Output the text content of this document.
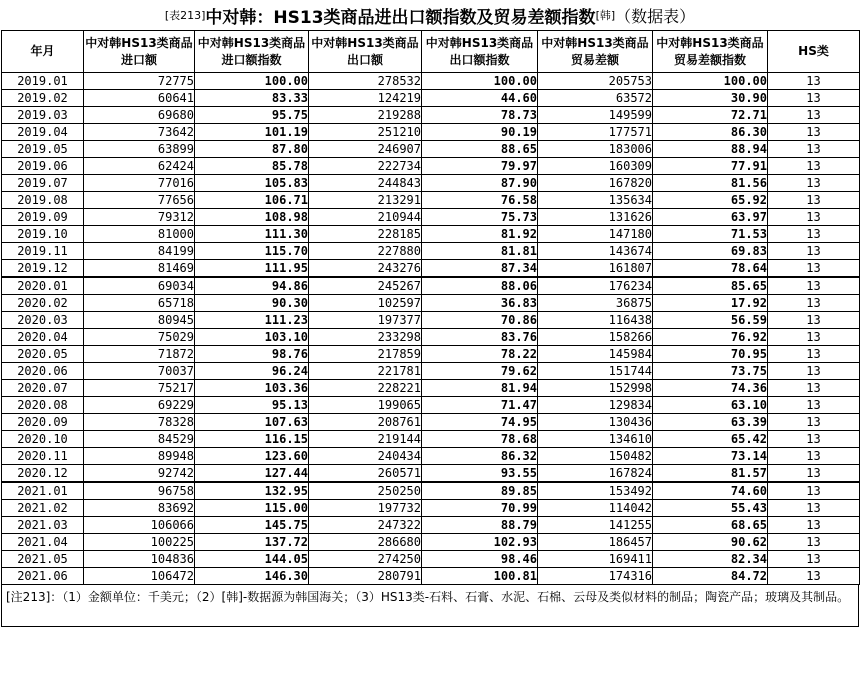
[表213] 中对韩：HS13类商品进出口额指数及贸易差额指数 [韩] （数据表）
年月	中对韩HS13类商品进口额	中对韩HS13类商品进口额指数	中对韩HS13类商品出口额	中对韩HS13类商品出口额指数	中对韩HS13类商品贸易差额	中对韩HS13类商品贸易差额指数	HS类
2019.01	72775	100.00	278532	100.00	205753	100.00	13
2019.02	60641	83.33	124219	44.60	63572	30.90	13
2019.03	69680	95.75	219288	78.73	149599	72.71	13
2019.04	73642	101.19	251210	90.19	177571	86.30	13
2019.05	63899	87.80	246907	88.65	183006	88.94	13
2019.06	62424	85.78	222734	79.97	160309	77.91	13
2019.07	77016	105.83	244843	87.90	167820	81.56	13
2019.08	77656	106.71	213291	76.58	135634	65.92	13
2019.09	79312	108.98	210944	75.73	131626	63.97	13
2019.10	81000	111.30	228185	81.92	147180	71.53	13
2019.11	84199	115.70	227880	81.81	143674	69.83	13
2019.12	81469	111.95	243276	87.34	161807	78.64	13
2020.01	69034	94.86	245267	88.06	176234	85.65	13
2020.02	65718	90.30	102597	36.83	36875	17.92	13
2020.03	80945	111.23	197377	70.86	116438	56.59	13
2020.04	75029	103.10	233298	83.76	158266	76.92	13
2020.05	71872	98.76	217859	78.22	145984	70.95	13
2020.06	70037	96.24	221781	79.62	151744	73.75	13
2020.07	75217	103.36	228221	81.94	152998	74.36	13
2020.08	69229	95.13	199065	71.47	129834	63.10	13
2020.09	78328	107.63	208761	74.95	130436	63.39	13
2020.10	84529	116.15	219144	78.68	134610	65.42	13
2020.11	89948	123.60	240434	86.32	150482	73.14	13
2020.12	92742	127.44	260571	93.55	167824	81.57	13
2021.01	96758	132.95	250250	89.85	153492	74.60	13
2021.02	83692	115.00	197732	70.99	114042	55.43	13
2021.03	106066	145.75	247322	88.79	141255	68.65	13
2021.04	100225	137.72	286680	102.93	186457	90.62	13
2021.05	104836	144.05	274250	98.46	169411	82.34	13
2021.06	106472	146.30	280791	100.81	174316	84.72	13
[注213]：（1）金额单位：千美元；（2）[韩]-数据源为韩国海关；（3）HS13类-石料、石膏、水泥、石棉、云母及类似材料的制品；陶瓷产品；玻璃及其制品。
